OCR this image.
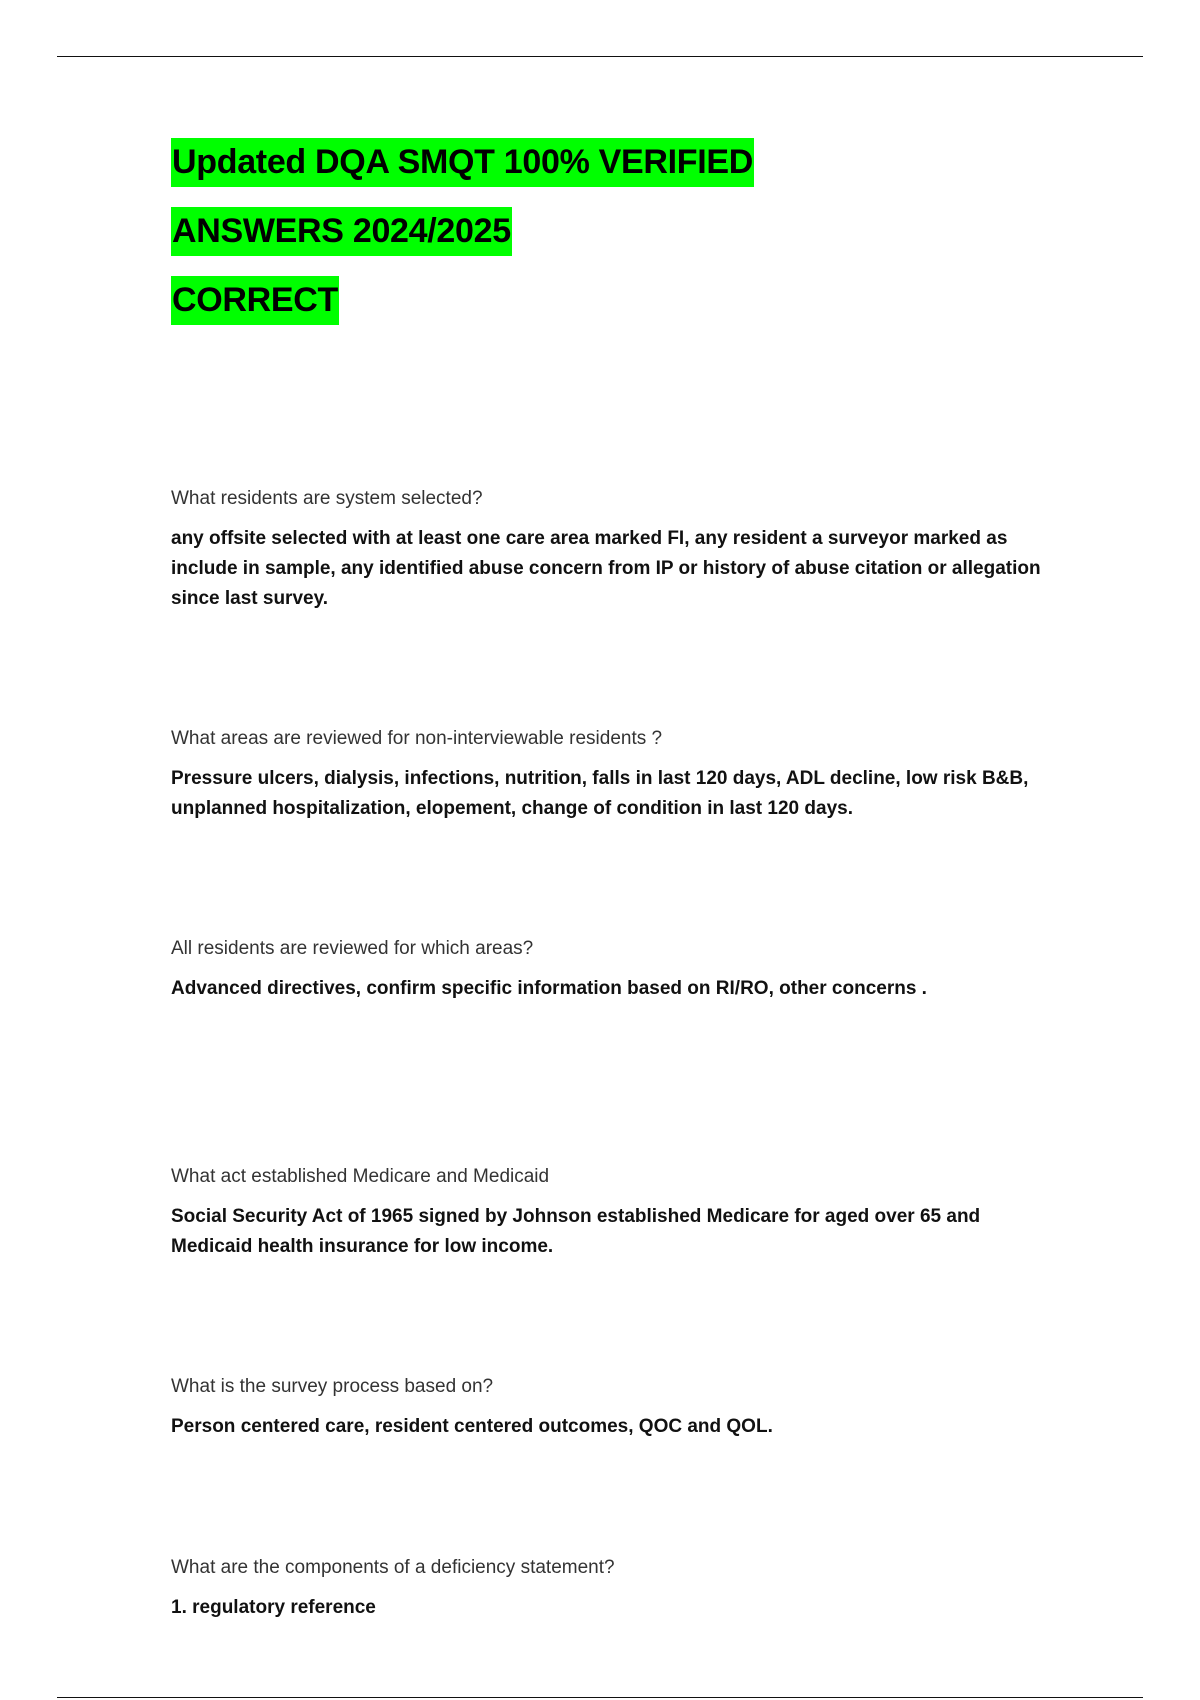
Updated DQA SMQT 100% VERIFIED
ANSWERS 2024/2025
CORRECT

What residents are system selected?

any offsite selected with at least one care area marked FI, any resident a surveyor marked as include in sample, any identified abuse concern from IP or history of abuse citation or allegation since last survey.

What areas are reviewed for non-interviewable residents ?

Pressure ulcers, dialysis, infections, nutrition, falls in last 120 days, ADL decline, low risk B&B, unplanned hospitalization, elopement, change of condition in last 120 days.

All residents are reviewed for which areas?

Advanced directives, confirm specific information based on RI/RO, other concerns .

What act established Medicare and Medicaid

Social Security Act of 1965 signed by Johnson established Medicare for aged over 65 and Medicaid health insurance for low income.

What is the survey process based on?

Person centered care, resident centered outcomes, QOC and QOL.

What are the components of a deficiency statement?

1. regulatory reference
